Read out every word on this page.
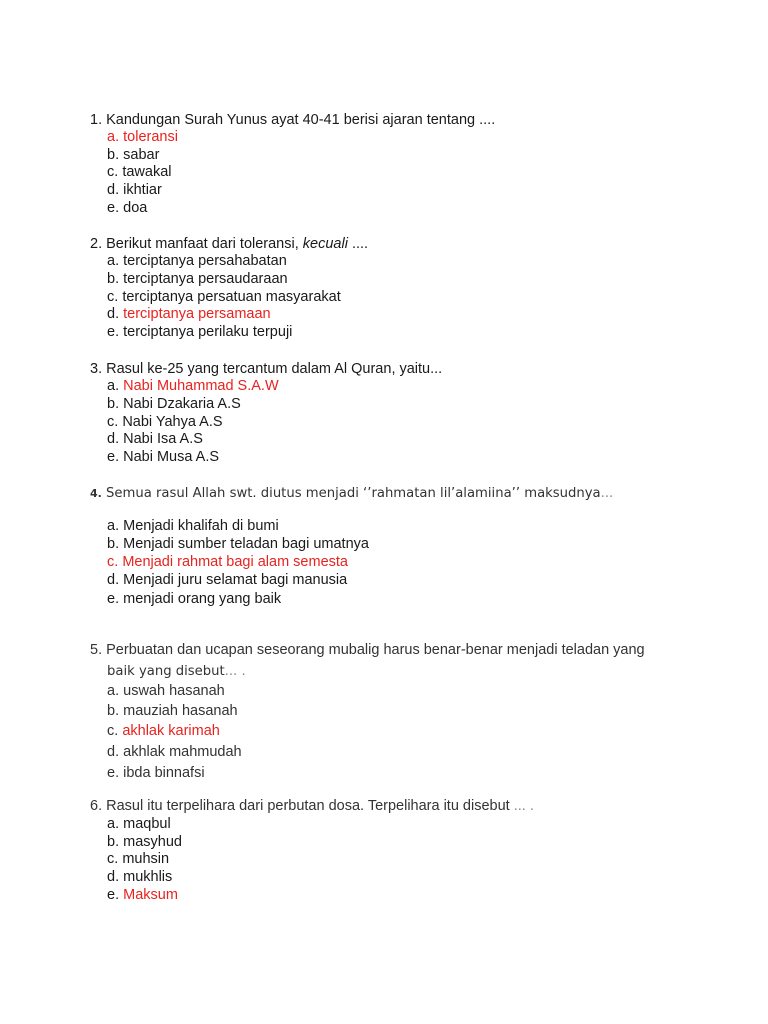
1. Kandungan Surah Yunus ayat 40-41 berisi ajaran tentang ....
a. toleransi
b. sabar
c. tawakal
d. ikhtiar
e. doa
2. Berikut manfaat dari toleransi, kecuali ....
a. terciptanya persahabatan
b. terciptanya persaudaraan
c. terciptanya persatuan masyarakat
d. terciptanya persamaan
e. terciptanya perilaku terpuji
3. Rasul ke-25 yang tercantum dalam Al Quran, yaitu...
a. Nabi Muhammad S.A.W
b. Nabi Dzakaria A.S
c. Nabi Yahya A.S
d. Nabi Isa A.S
e. Nabi Musa A.S
4. Semua rasul Allah swt. diutus menjadi ‘’rahmatan lil’alamiina’’ maksudnya...
a. Menjadi khalifah di bumi
b. Menjadi sumber teladan bagi umatnya
c. Menjadi rahmat bagi alam semesta
d. Menjadi juru selamat bagi manusia
e. menjadi orang yang baik
5. Perbuatan dan ucapan seseorang mubalig harus benar-benar menjadi teladan yang
baik yang disebut... .
a. uswah hasanah
b. mauziah hasanah
c. akhlak karimah
d. akhlak mahmudah
e. ibda binnafsi
6. Rasul itu terpelihara dari perbutan dosa. Terpelihara itu disebut ... .
a. maqbul
b. masyhud
c. muhsin
d. mukhlis
e. Maksum
